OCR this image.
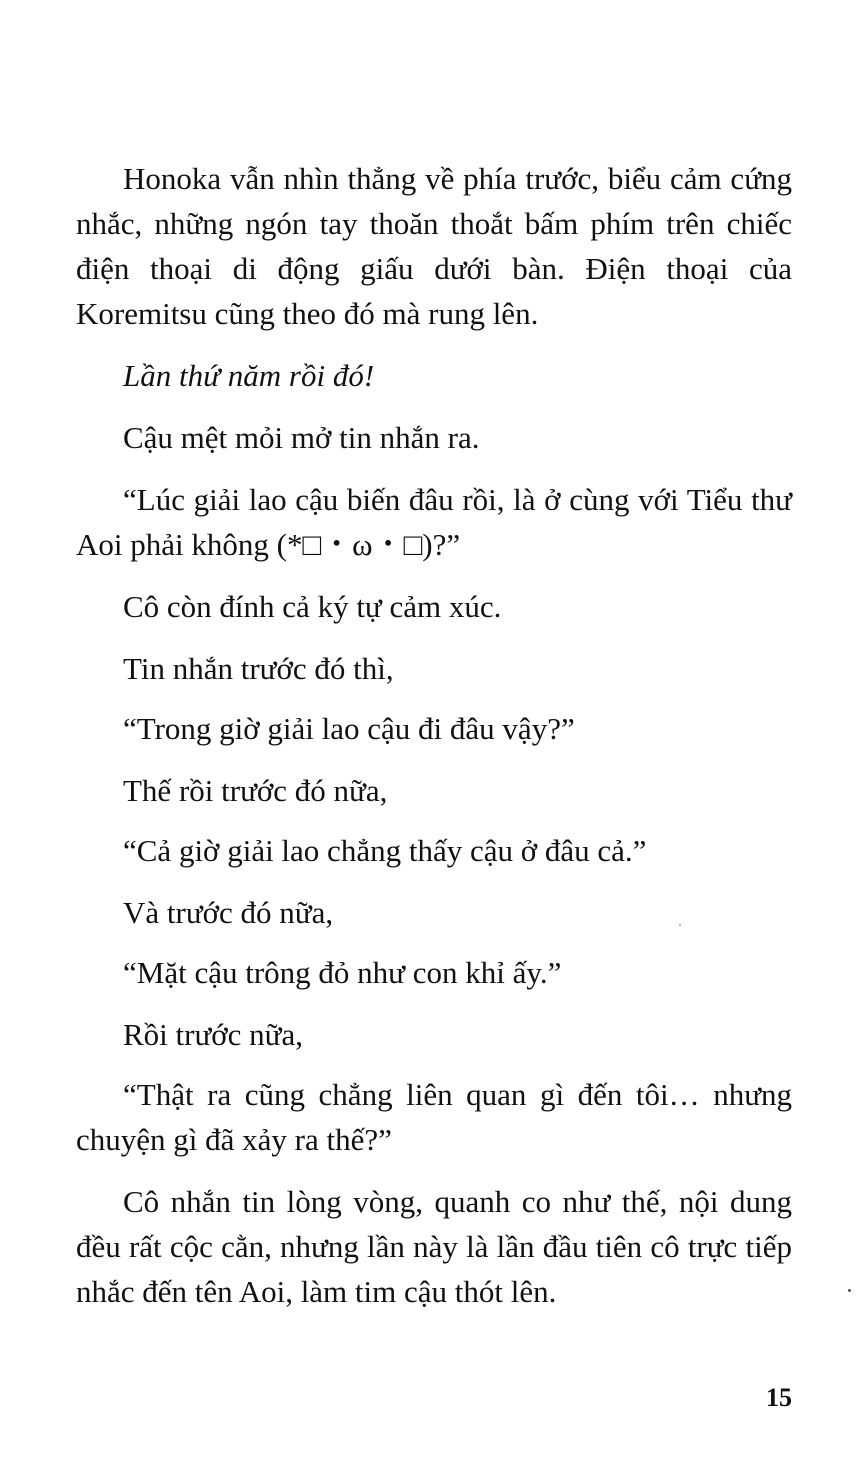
Honoka vẫn nhìn thẳng về phía trước, biểu cảm cứng nhắc, những ngón tay thoăn thoắt bấm phím trên chiếc điện thoại di động giấu dưới bàn. Điện thoại của Koremitsu cũng theo đó mà rung lên.

Lần thứ năm rồi đó!

Cậu mệt mỏi mở tin nhắn ra.

“Lúc giải lao cậu biến đâu rồi, là ở cùng với Tiểu thư Aoi phải không (*□・ω・□)?”

Cô còn đính cả ký tự cảm xúc.

Tin nhắn trước đó thì,

“Trong giờ giải lao cậu đi đâu vậy?”

Thế rồi trước đó nữa,

“Cả giờ giải lao chẳng thấy cậu ở đâu cả.”

Và trước đó nữa,

“Mặt cậu trông đỏ như con khỉ ấy.”

Rồi trước nữa,

“Thật ra cũng chẳng liên quan gì đến tôi… nhưng chuyện gì đã xảy ra thế?”

Cô nhắn tin lòng vòng, quanh co như thế, nội dung đều rất cộc cằn, nhưng lần này là lần đầu tiên cô trực tiếp nhắc đến tên Aoi, làm tim cậu thót lên.

15
